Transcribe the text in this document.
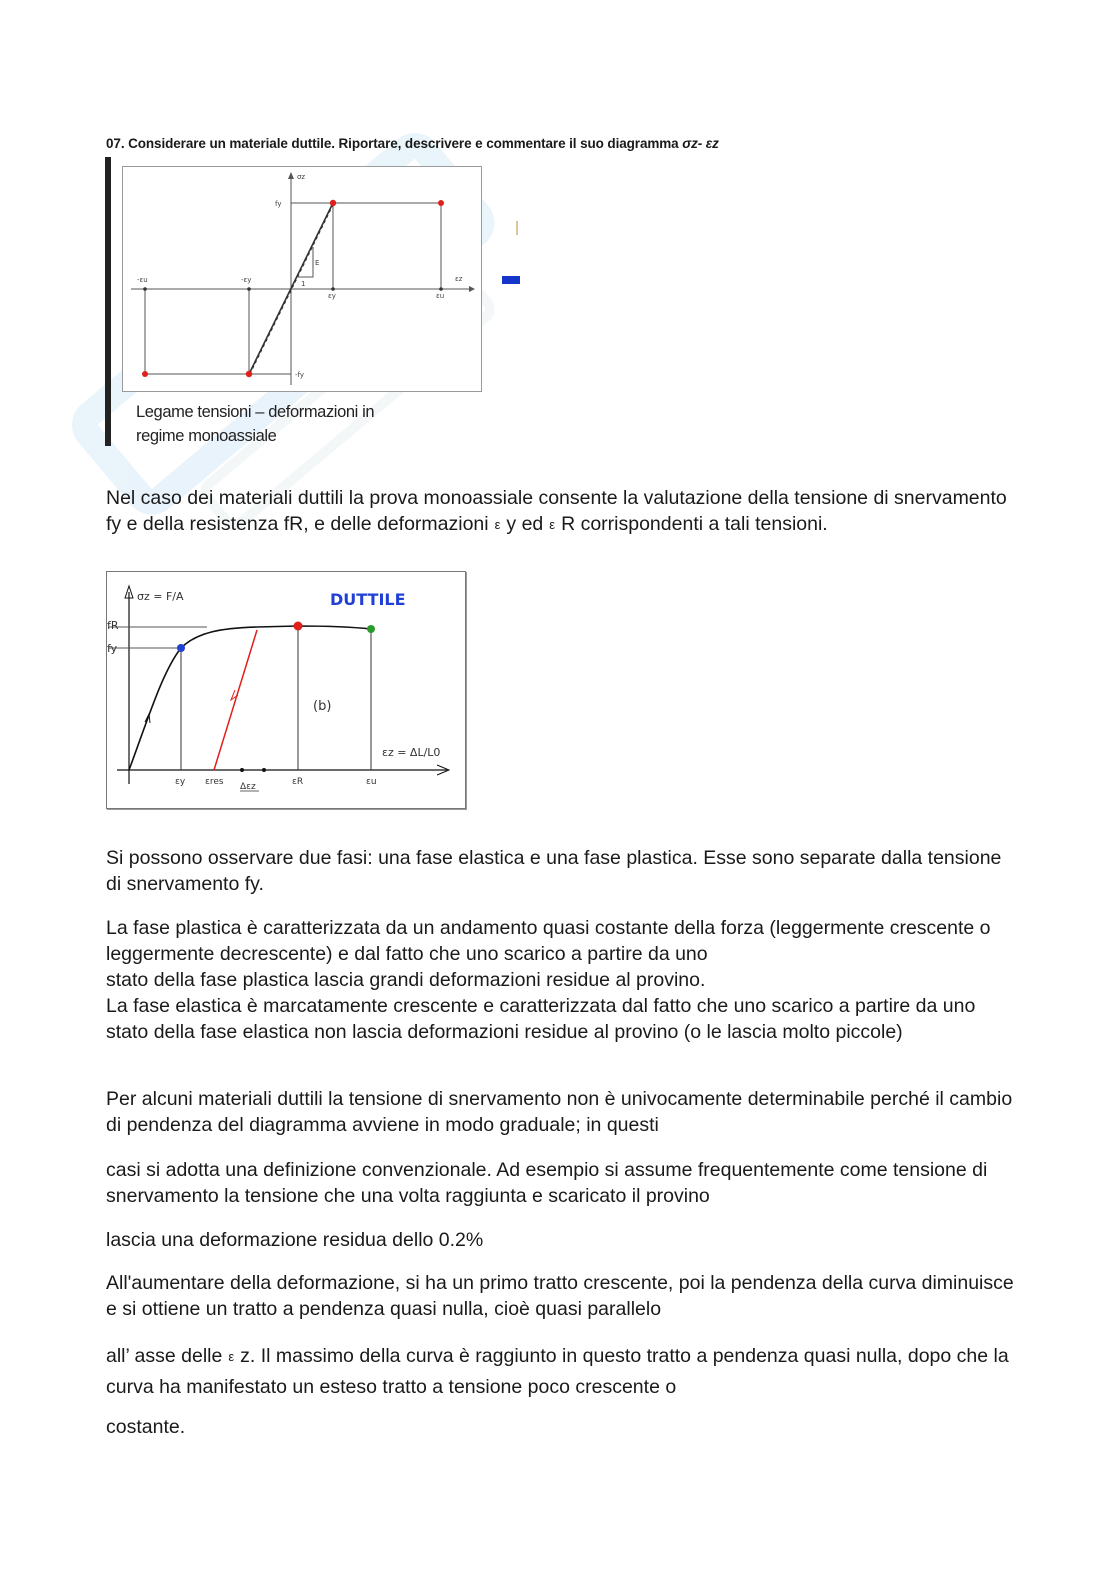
07. Considerare un materiale duttile. Riportare, descrivere e commentare il suo diagramma σz- εz
σz
εz
fy
-fy
-εu	-εy
εy	εu
E
1
Legame tensioni – deformazioni in
regime monoassiale
Nel caso dei materiali duttili la prova monoassiale consente la valutazione della tensione di snervamento fy e della resistenza fR, e delle deformazioni ε y ed ε R corrispondenti a tali tensioni.
DUTTILE
σz = F/A
εz = ΔL/L0
fR
fy
(b)
εy εres Δεz	εR	εu
Si possono osservare due fasi: una fase elastica e una fase plastica. Esse sono separate dalla tensione di snervamento fy.
La fase plastica è caratterizzata da un andamento quasi costante della forza (leggermente crescente o leggermente decrescente) e dal fatto che uno scarico a partire da uno
stato della fase plastica lascia grandi deformazioni residue al provino.
La fase elastica è marcatamente crescente e caratterizzata dal fatto che uno scarico a partire da uno stato della fase elastica non lascia deformazioni residue al provino (o le lascia molto piccole)
Per alcuni materiali duttili la tensione di snervamento non è univocamente determinabile perché il cambio di pendenza del diagramma avviene in modo graduale; in questi
casi si adotta una definizione convenzionale. Ad esempio si assume frequentemente come tensione di snervamento la tensione che una volta raggiunta e scaricato il provino
lascia una deformazione residua dello 0.2%
All'aumentare della deformazione, si ha un primo tratto crescente, poi la pendenza della curva diminuisce e si ottiene un tratto a pendenza quasi nulla, cioè quasi parallelo
all’ asse delle ε z. Il massimo della curva è raggiunto in questo tratto a pendenza quasi nulla, dopo che la curva ha manifestato un esteso tratto a tensione poco crescente o
costante.
